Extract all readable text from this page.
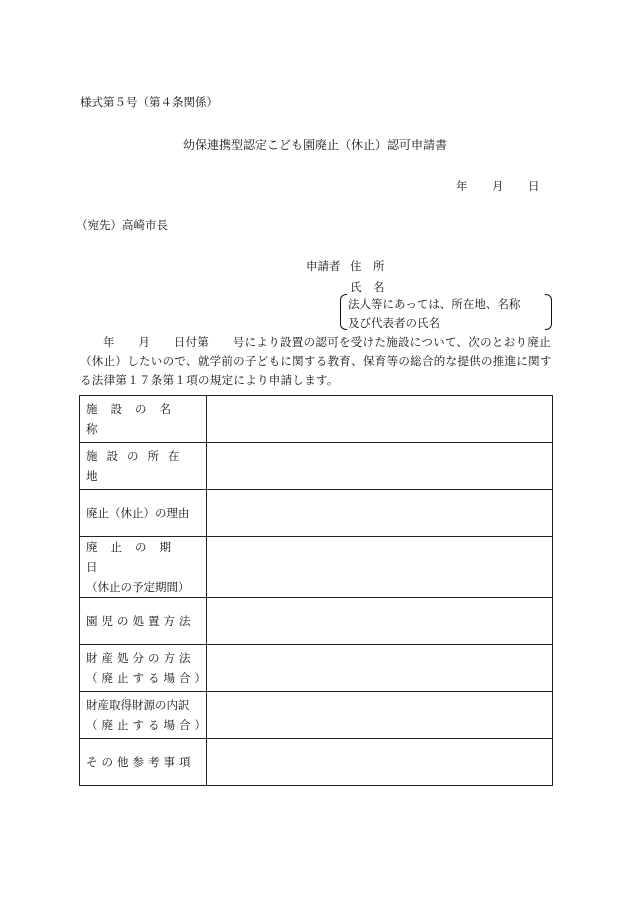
様式第５号（第４条関係）
幼保連携型認定こども園廃止（休止）認可申請書
年 月 日
（宛先）高崎市長
申請者 住　所
氏　名
法人等にあっては、所在地、名称
及び代表者の氏名
年　　月　　日付第　　号により設置の認可を受けた施設について、次のとおり廃止（休止）したいので、就学前の子どもに関する教育、保育等の総合的な提供の推進に関する法律第１７条第１項の規定により申請します。
施設の名称	

施設の所在地	

廃止（休止）の理由	

廃止の期日
（休止の予定期間）	

園児の処置方法	

財産処分の方法
（廃止する場合）	

財産取得財源の内訳
（廃止する場合）	

その他参考事項	
